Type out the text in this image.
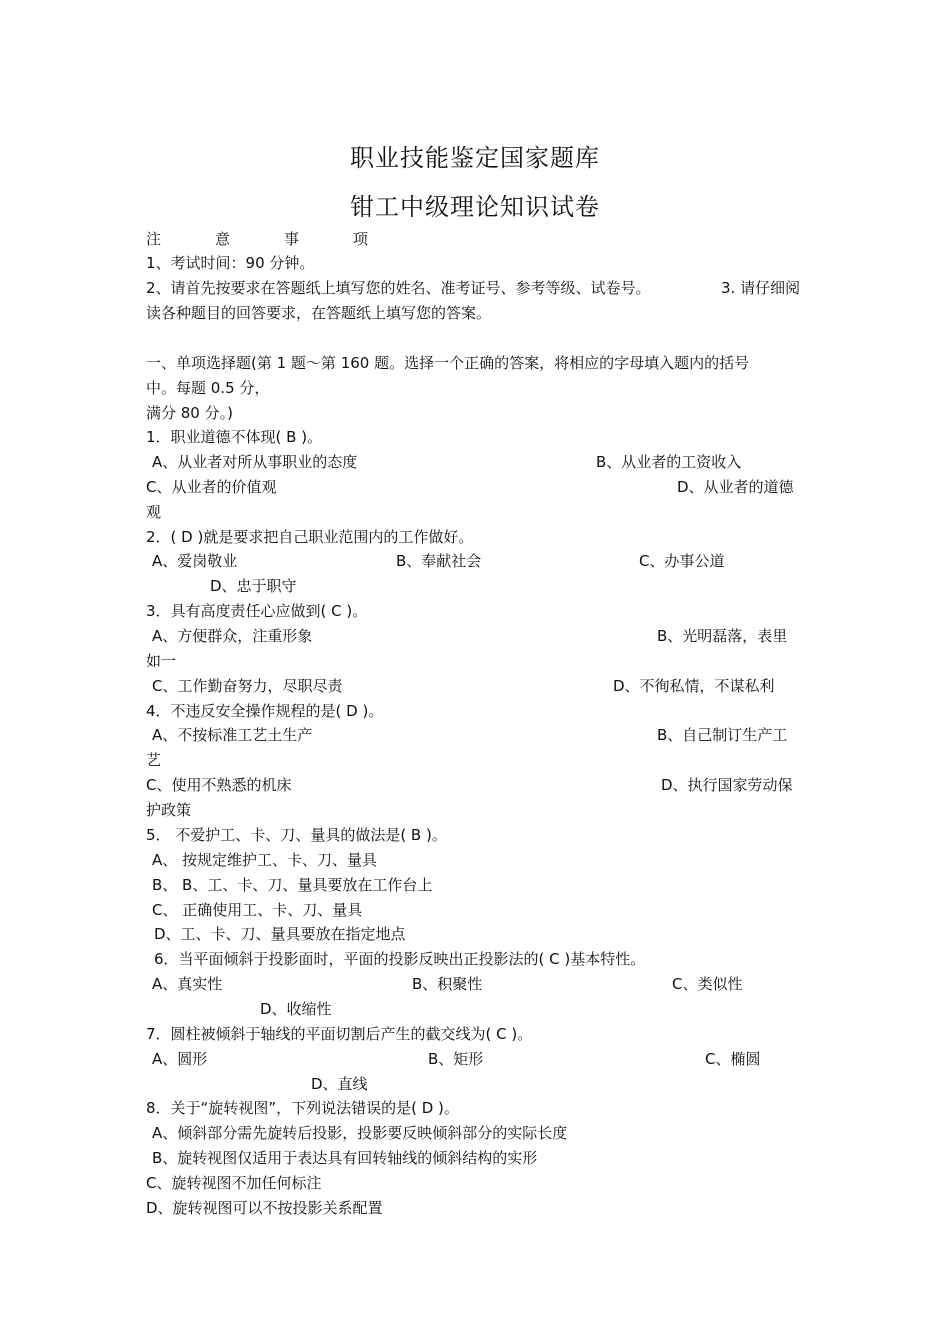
职业技能鉴定国家题库
钳工中级理论知识试卷
注	意	事	项
1、考试时间：90 分钟。
2、请首先按要求在答题纸上填写您的姓名、准考证号、参考等级、试卷号。	3. 请仔细阅
读各种题目的回答要求，在答题纸上填写您的答案。
一、单项选择题(第 1 题～第 160 题。选择一个正确的答案，将相应的字母填入题内的括号
中。每题 0.5 分，
满分 80 分。)
1．职业道德不体现( B )。
A、从业者对所从事职业的态度	B、从业者的工资收入
C、从业者的价值观	D、从业者的道德
观
2．( D )就是要求把自己职业范围内的工作做好。
A、爱岗敬业	B、奉献社会	C、办事公道
D、忠于职守
3．具有高度责任心应做到( C )。
A、方便群众，注重形象	B、光明磊落，表里
如一
C、工作勤奋努力，尽职尽责	D、不徇私情，不谋私利
4．不违反安全操作规程的是( D )。
A、不按标准工艺土生产	B、自己制订生产工
艺
C、使用不熟悉的机床	D、执行国家劳动保
护政策
5． 不爱护工、卡、刀、量具的做法是( B )。
A、 按规定维护工、卡、刀、量具
B、 B、工、卡、刀、量具要放在工作台上
C、 正确使用工、卡、刀、量具
D、工、卡、刀、量具要放在指定地点
6．当平面倾斜于投影面时，平面的投影反映出正投影法的( C )基本特性。
A、真实性	B、积聚性	C、类似性
D、收缩性
7．圆柱被倾斜于轴线的平面切割后产生的截交线为( C )。
A、圆形	B、矩形	C、椭圆
D、直线
8．关于“旋转视图”，下列说法错误的是( D )。
A、倾斜部分需先旋转后投影，投影要反映倾斜部分的实际长度
B、旋转视图仅适用于表达具有回转轴线的倾斜结构的实形
C、旋转视图不加任何标注
D、旋转视图可以不按投影关系配置
